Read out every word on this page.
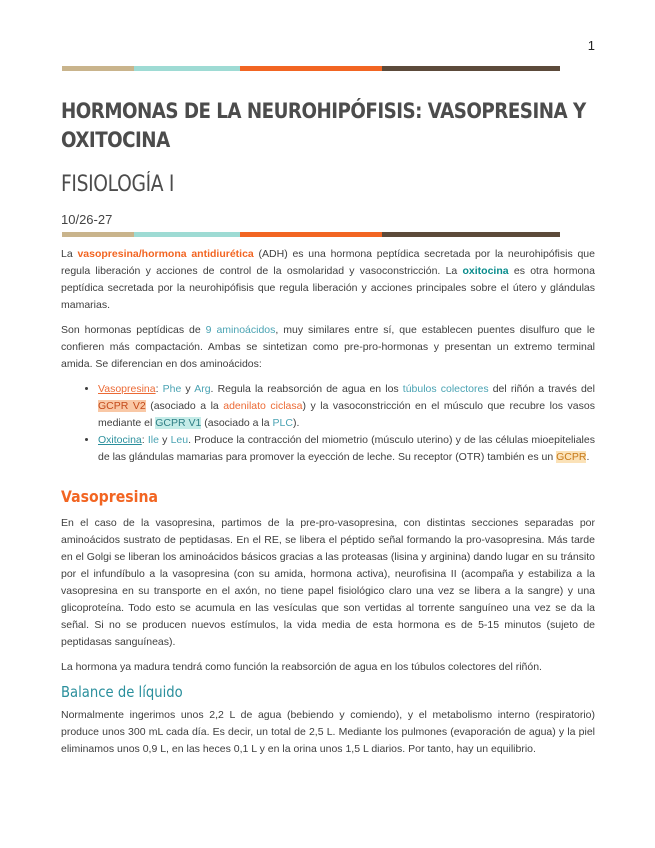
1
HORMONAS DE LA NEUROHIPÓFISIS: VASOPRESINA Y
OXITOCINA
FISIOLOGÍA I
10/26-27

La vasopresina/hormona antidiurética (ADH) es una hormona peptídica secretada por la neurohipófisis que regula liberación y acciones de control de la osmolaridad y vasoconstricción. La oxitocina es otra hormona peptídica secretada por la neurohipófisis que regula liberación y acciones principales sobre el útero y glándulas mamarias.

Son hormonas peptídicas de 9 aminoácidos, muy similares entre sí, que establecen puentes disulfuro que le confieren más compactación. Ambas se sintetizan como pre-pro-hormonas y presentan un extremo terminal amida. Se diferencian en dos aminoácidos:

• Vasopresina: Phe y Arg. Regula la reabsorción de agua en los túbulos colectores del riñón a través del GCPR V2 (asociado a la adenilato ciclasa) y la vasoconstricción en el músculo que recubre los vasos mediante el GCPR V1 (asociado a la PLC).
• Oxitocina: Ile y Leu. Produce la contracción del miometrio (músculo uterino) y de las células mioepiteliales de las glándulas mamarias para promover la eyección de leche. Su receptor (OTR) también es un GCPR.
Vasopresina

En el caso de la vasopresina, partimos de la pre-pro-vasopresina, con distintas secciones separadas por aminoácidos sustrato de peptidasas. En el RE, se libera el péptido señal formando la pro-vasopresina. Más tarde en el Golgi se liberan los aminoácidos básicos gracias a las proteasas (lisina y arginina) dando lugar en su tránsito por el infundíbulo a la vasopresina (con su amida, hormona activa), neurofisina II (acompaña y estabiliza a la vasopresina en su transporte en el axón, no tiene papel fisiológico claro una vez se libera a la sangre) y una glicoproteína. Todo esto se acumula en las vesículas que son vertidas al torrente sanguíneo una vez se da la señal. Si no se producen nuevos estímulos, la vida media de esta hormona es de 5-15 minutos (sujeto de peptidasas sanguíneas).

La hormona ya madura tendrá como función la reabsorción de agua en los túbulos colectores del riñón.

Balance de líquido

Normalmente ingerimos unos 2,2 L de agua (bebiendo y comiendo), y el metabolismo interno (respiratorio) produce unos 300 mL cada día. Es decir, un total de 2,5 L. Mediante los pulmones (evaporación de agua) y la piel eliminamos unos 0,9 L, en las heces 0,1 L y en la orina unos 1,5 L diarios. Por tanto, hay un equilibrio.
